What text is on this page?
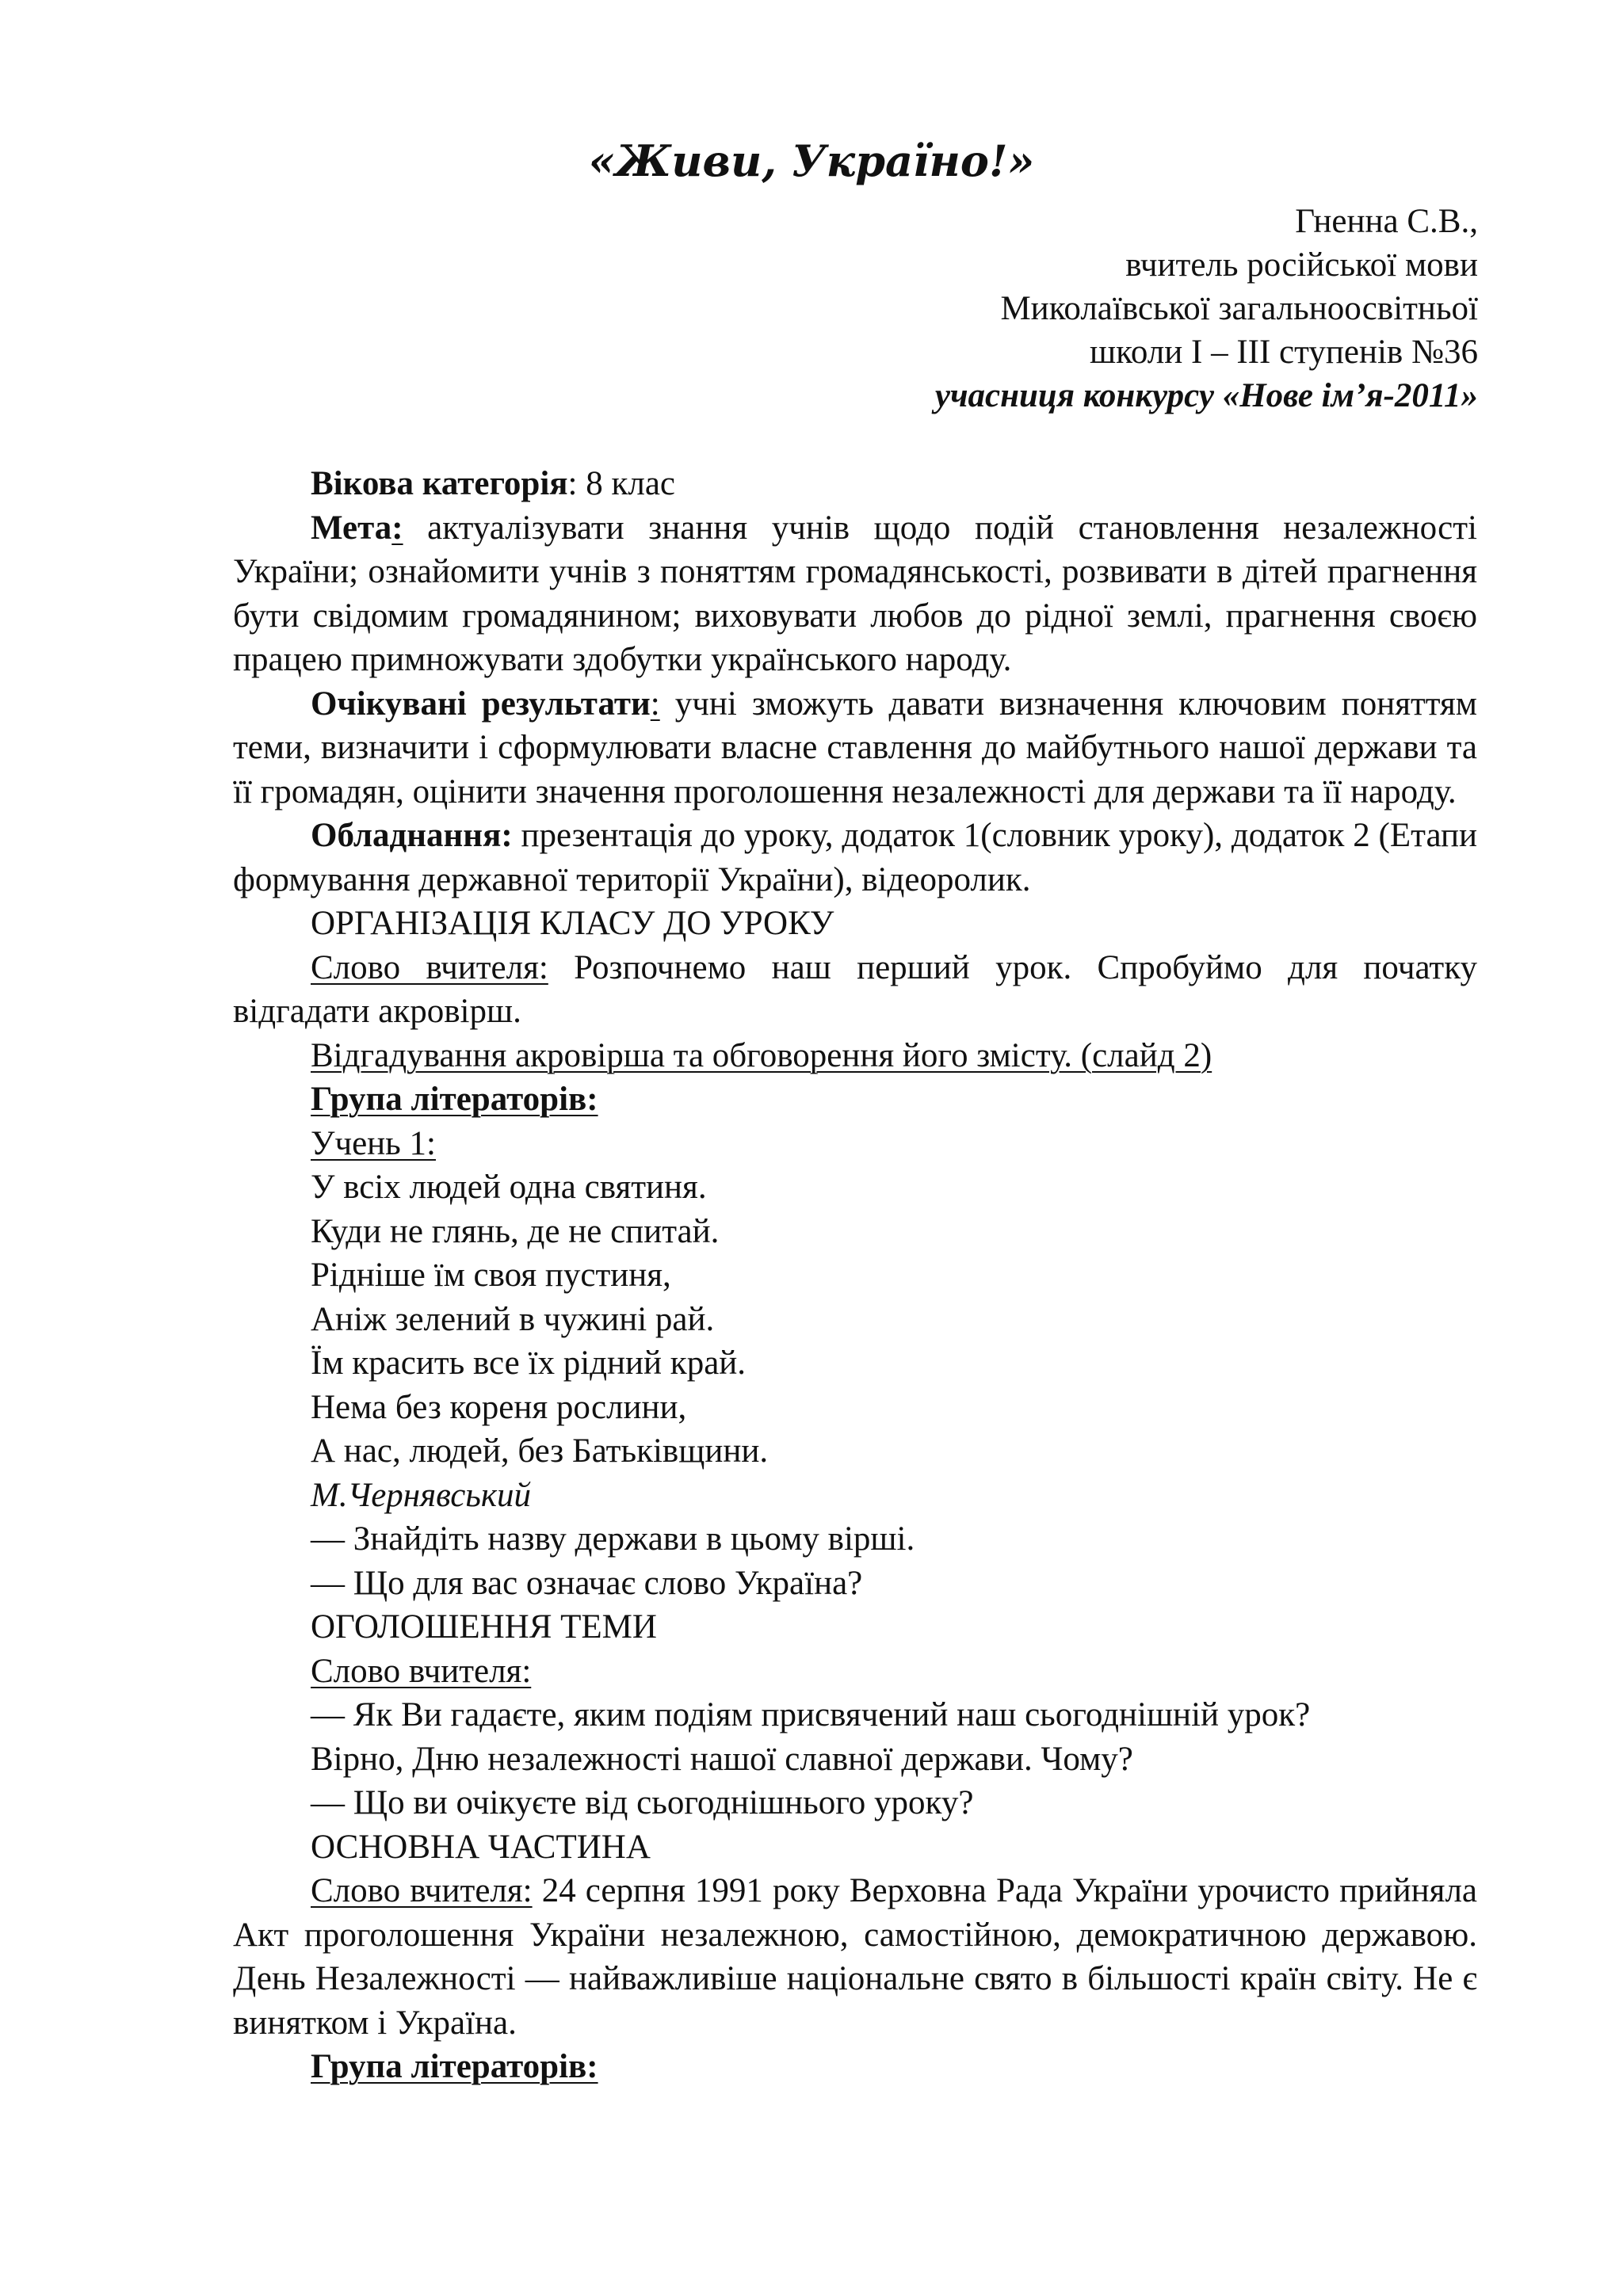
«Живи, Україно!»
Гненна С.В.,
вчитель російської мови
Миколаївської загальноосвітньої
школи І – ІІІ ступенів №36
учасниця конкурсу «Нове ім’я-2011»

Вікова категорія: 8 клас

Мета: актуалізувати знання учнів щодо подій становлення незалежності України; ознайомити учнів з поняттям громадянськості, розвивати в дітей прагнення бути свідомим громадянином; виховувати любов до рідної землі, прагнення своєю працею примножувати здобутки українського народу.

Очікувані результати: учні зможуть давати визначення ключовим поняттям теми, визначити і сформулювати власне ставлення до майбутнього нашої держави та її громадян, оцінити значення проголошення незалежності для держави та її народу.

Обладнання: презентація до уроку, додаток 1(словник уроку), додаток 2 (Етапи формування державної території України), відеоролик.

ОРГАНІЗАЦІЯ КЛАСУ ДО УРОКУ

Слово вчителя: Розпочнемо наш перший урок. Спробуймо для початку відгадати акровірш.

Відгадування акровірша та обговорення його змісту. (слайд 2)

Група літераторів:

Учень 1:

У всіх людей одна святиня.

Куди не глянь, де не спитай.

Рідніше їм своя пустиня,

Аніж зелений в чужині рай.

Їм красить все їх рідний край.

Нема без кореня рослини,

А нас, людей, без Батьківщини.

М.Чернявський

— Знайдіть назву держави в цьому вірші.

— Що для вас означає слово Україна?

ОГОЛОШЕННЯ ТЕМИ

Слово вчителя:

— Як Ви гадаєте, яким подіям присвячений наш сьогоднішній урок?

Вірно, Дню незалежності нашої славної держави. Чому?

— Що ви очікуєте від сьогоднішнього уроку?

ОСНОВНА ЧАСТИНА

Слово вчителя: 24 серпня 1991 року Верховна Рада України урочисто прийняла Акт проголошення України незалежною, самостійною, демократичною державою. День Незалежності — найважливіше національне свято в більшості країн світу. Не є винятком і Україна.

Група літераторів:
